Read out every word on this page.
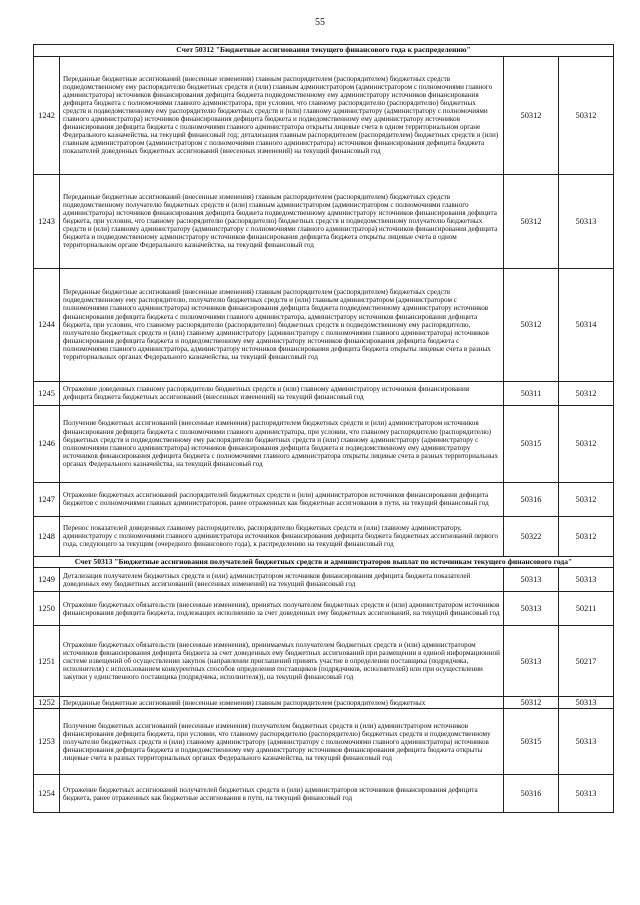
55
Счет 50312 "Бюджетные ассигнования текущего финансового года к распределению"			
1242	Переданные бюджетные ассигнований (внесенные изменения) главным распорядителем (распорядителем) бюджетных средств подведомственному ему распорядителю бюджетных средств и (или) главным администратором (администратором с полномочиями главного администратора) источников финансирования дефицита бюджета подведомственному ему администратору источников финансирования дефицита бюджета с полномочиями главного администратора, при условии, что главному распорядителю (распорядителю) бюджетных средств и подведомственному ему распорядителю бюджетных средств и (или) главному администратору (администратору с полномочиями главного администратора) источников финансирования дефицита бюджета и подведомственному ему администратору источников финансирования дефицита бюджета с полномочиями главного администратора открыты лицевые счета в одном территориальном органе Федерального казначейства, на текущий финансовый год; детализация главным распорядителем (распорядителем) бюджетных средств и (или) главным администратором (администратором с полномочиями главного администратора) источников финансирования дефицита бюджета показателей доведенных бюджетных ассигнований (внесенных изменений) на текущий финансовый год	50312	50312
1243	Переданные бюджетные ассигнований (внесенные изменения) главным распорядителем (распорядителем) бюджетных средств подведомственному получателю бюджетных средств и (или) главным администратором (администратором с полномочиями главного администратора) источников финансирования дефицита бюджета подведомственному администратору источников финансирования дефицита бюджета, при условии, что главному распорядителю (распорядителю) бюджетных средств и подведомственному получателю бюджетных средств и (или) главному администратору (администратору с полномочиями главного администратора) источников финансирования дефицита бюджета и подведомственному администратору источников финансирования дефицита бюджета открыты лицевые счета в одном территориальном органе Федерального казначейства, на текущий финансовый год	50312	50313
1244	Переданные бюджетные ассигнований (внесенные изменения) главным распорядителем (распорядителем) бюджетных средств подведомственному ему распорядителю, получателю бюджетных средств и (или) главным администратором (администратором с полномочиями главного администратора) источников финансирования дефицита бюджета подведомственному администратору источников финансирования дефицита бюджета с полномочиями главного администратора, администратору источников финансирования дефицита бюджета, при условии, что главному распорядителю (распорядителю) бюджетных средств и подведомственному ему распорядителю, получателю бюджетных средств и (или) главному администратору (администратору с полномочиями главного администратора) источников финансирования дефицита бюджета и подведомственному ему администратору источников финансирования дефицита бюджета с полномочиями главного администратора, администратору источников финансирования дефицита бюджета открыты лицевые счета в разных территориальных органах Федерального казначейства, на текущий финансовый год	50312	50314
1245	Отражение доведенных главному распорядителю бюджетных средств и (или) главному администратору источников финансирования дефицита бюджета бюджетных ассигнований (внесенных изменений) на текущий финансовый год	50311	50312
1246	Получение бюджетных ассигнований (внесенные изменения) распорядителем бюджетных средств и (или) администратором источников финансирования дефицита бюджета с полномочиями главного администратора, при условии, что главному распорядителю (распорядителю) бюджетных средств и подведомственному ему распорядителю бюджетных средств и (или) главному администратору (администратору с полномочиями главного администратора) источников финансирования дефицита бюджета и подведомственному ему администратору источников финансирования дефицита бюджета с полномочиями главного администратора открыты лицевые счета в разных территориальных органах Федерального казначейства, на текущий финансовый год	50315	50312
1247	Отражение бюджетных ассигнований распорядителей бюджетных средств и (или) администраторов источников финансирования дефицита бюджетов с полномочиями главных администраторов, ранее отраженных как бюджетные ассигнования в пути, на текущий финансовый год	50316	50312
1248	Перенос показателей доведенных главному распорядителю, распорядителю бюджетных средств и (или) главному администратору, администратору с полномочиями главного администратора источников финансирования дефицита бюджета бюджетных ассигнований первого года, следующего за текущим (очередного финансового года), к распределению на текущий финансовый год	50322	50312
Счет 50313 "Бюджетные ассигнования получателей бюджетных средств и администраторов выплат по источникам текущего финансового года"			
1249	Детализация получателем бюджетных средств и (или) администратором источников финансирования дефицита бюджета показателей доведенных ему бюджетных ассигнований (внесенных изменений) на текущий финансовый год	50313	50313
1250	Отражение бюджетных обязательств (внесенные изменения), принятых получателем бюджетных средств и (или) администратором источников финансирования дефицита бюджета, подлежащих исполнению за счет доведенных ему бюджетных ассигнований, на текущий финансовый год	50313	50211
1251	Отражение бюджетных обязательств (внесенные изменения), принимаемых получателем бюджетных средств и (или) администратором источников финансирования дефицита бюджета за счет доведенных ему бюджетных ассигнований при размещении в единой информационной системе извещений об осуществлении закупок (направлении приглашений принять участие в определении поставщика (подрядчика, исполнителя) с использованием конкурентных способов определения поставщиков (подрядчиков, исполнителей) или при осуществлении закупки у единственного поставщика (подрядчика, исполнителя)), на текущий финансовый год	50313	50217
1252	Переданные бюджетные ассигнований (внесенные изменения) главным распорядителем (распорядителем) бюджетных	50312	50313
1253	Получение бюджетных ассигнований (внесенные изменения) получателем бюджетных средств и (или) администратором источников финансирования дефицита бюджета, при условии, что главному распорядителю (распорядителю) бюджетных средств и подведомственному получателю бюджетных средств и (или) главному администратору (администратору с полномочиями главного администратора) источников финансирования дефицита бюджета и подведомственному ему администратору источников финансирования дефицита бюджета открыты лицевые счета в разных территориальных органах Федерального казначейства, на текущий финансовый год	50315	50313
1254	Отражение бюджетных ассигнований получателей бюджетных средств и (или) администраторов источников финансирования дефицита бюджета, ранее отраженных как бюджетные ассигнования в пути, на текущий финансовый год	50316	50313
